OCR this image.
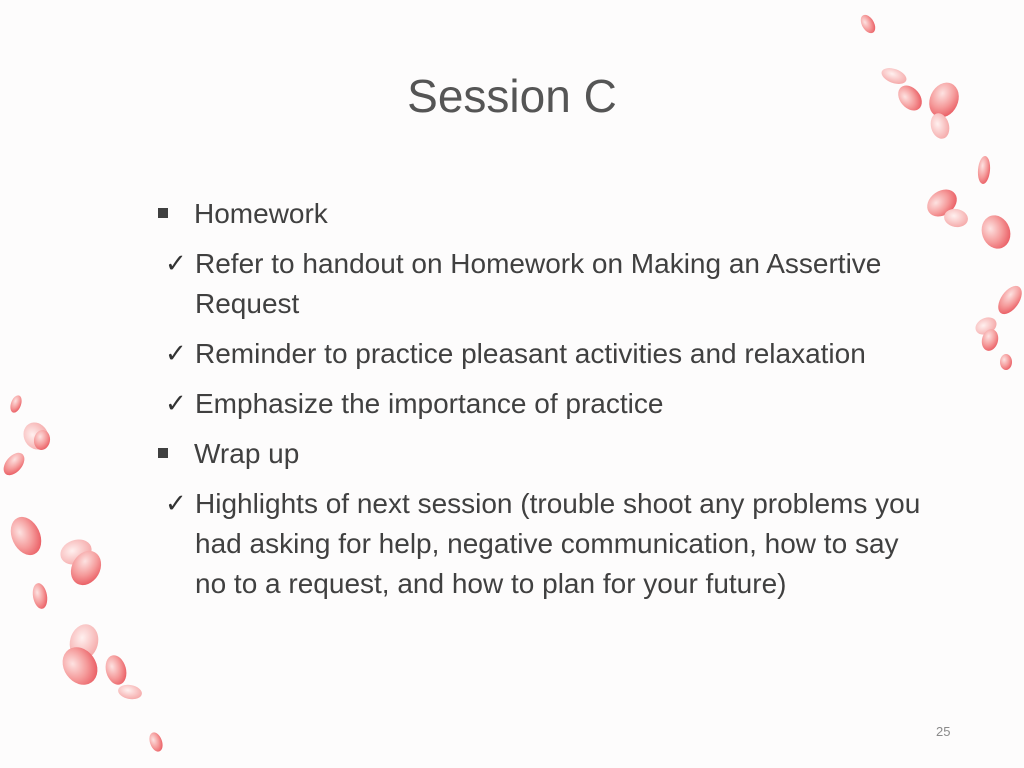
Session C
Homework
✓ Refer to handout on Homework on Making an Assertive Request
✓ Reminder to practice pleasant activities and relaxation
✓ Emphasize the importance of practice
Wrap up
✓ Highlights of next session (trouble shoot any problems you had asking for help, negative communication, how to say no to a request, and how to plan for your future)
25
